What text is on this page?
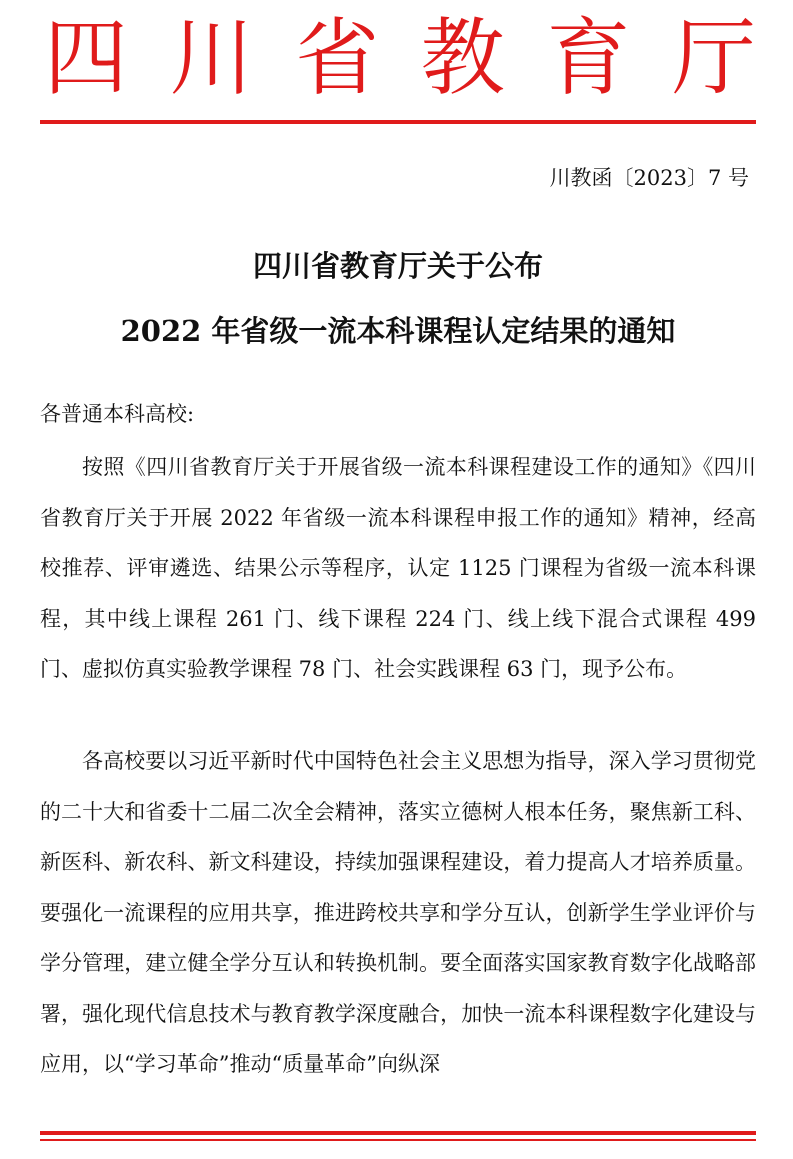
四 川 省 教 育 厅
川教函〔2023〕7 号
四川省教育厅关于公布
2022 年省级一流本科课程认定结果的通知
各普通本科高校:

按照《四川省教育厅关于开展省级一流本科课程建设工作的通知》《四川省教育厅关于开展 2022 年省级一流本科课程申报工作的通知》精神，经高校推荐、评审遴选、结果公示等程序，认定 1125 门课程为省级一流本科课程，其中线上课程 261 门、线下课程 224 门、线上线下混合式课程 499 门、虚拟仿真实验教学课程 78 门、社会实践课程 63 门，现予公布。

各高校要以习近平新时代中国特色社会主义思想为指导，深入学习贯彻党的二十大和省委十二届二次全会精神，落实立德树人根本任务，聚焦新工科、新医科、新农科、新文科建设，持续加强课程建设，着力提高人才培养质量。要强化一流课程的应用共享，推进跨校共享和学分互认，创新学生学业评价与学分管理，建立健全学分互认和转换机制。要全面落实国家教育数字化战略部署，强化现代信息技术与教育教学深度融合，加快一流本科课程数字化建设与应用，以“学习革命”推动“质量革命”向纵深
